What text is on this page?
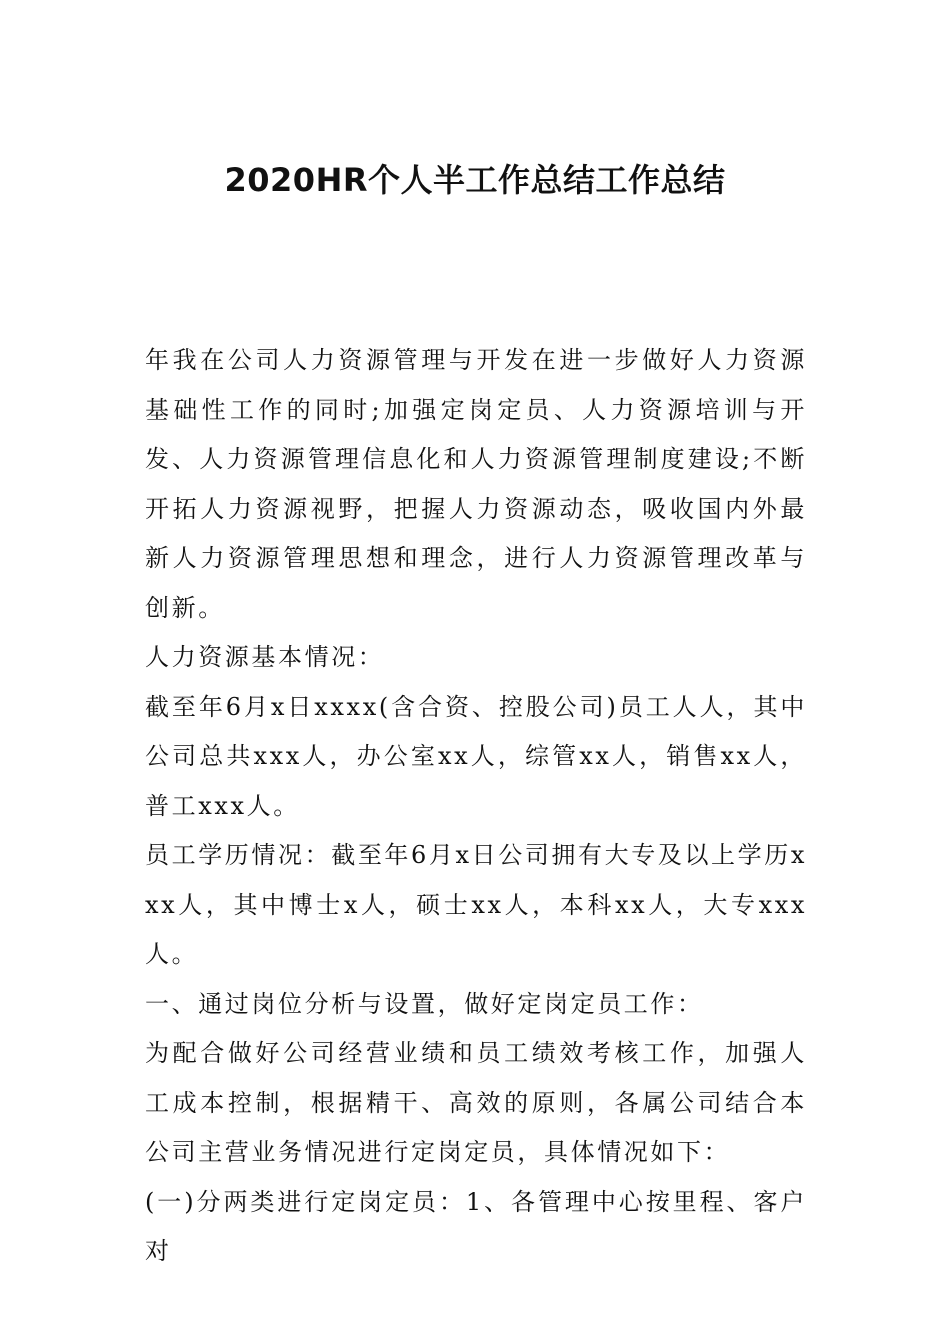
2020HR个人半工作总结工作总结

年我在公司人力资源管理与开发在进一步做好人力资源基础性工作的同时;加强定岗定员、人力资源培训与开发、人力资源管理信息化和人力资源管理制度建设;不断开拓人力资源视野，把握人力资源动态，吸收国内外最新人力资源管理思想和理念，进行人力资源管理改革与创新。

人力资源基本情况：

截至年6月x日xxxx(含合资、控股公司)员工人人，其中公司总共xxx人，办公室xx人，综管xx人，销售xx人，普工xxx人。

员工学历情况：截至年6月x日公司拥有大专及以上学历xxx人，其中博士x人，硕士xx人，本科xx人，大专xxx人。

一、通过岗位分析与设置，做好定岗定员工作：

为配合做好公司经营业绩和员工绩效考核工作，加强人工成本控制，根据精干、高效的原则，各属公司结合本公司主营业务情况进行定岗定员，具体情况如下：

(一)分两类进行定岗定员：1、各管理中心按里程、客户对
